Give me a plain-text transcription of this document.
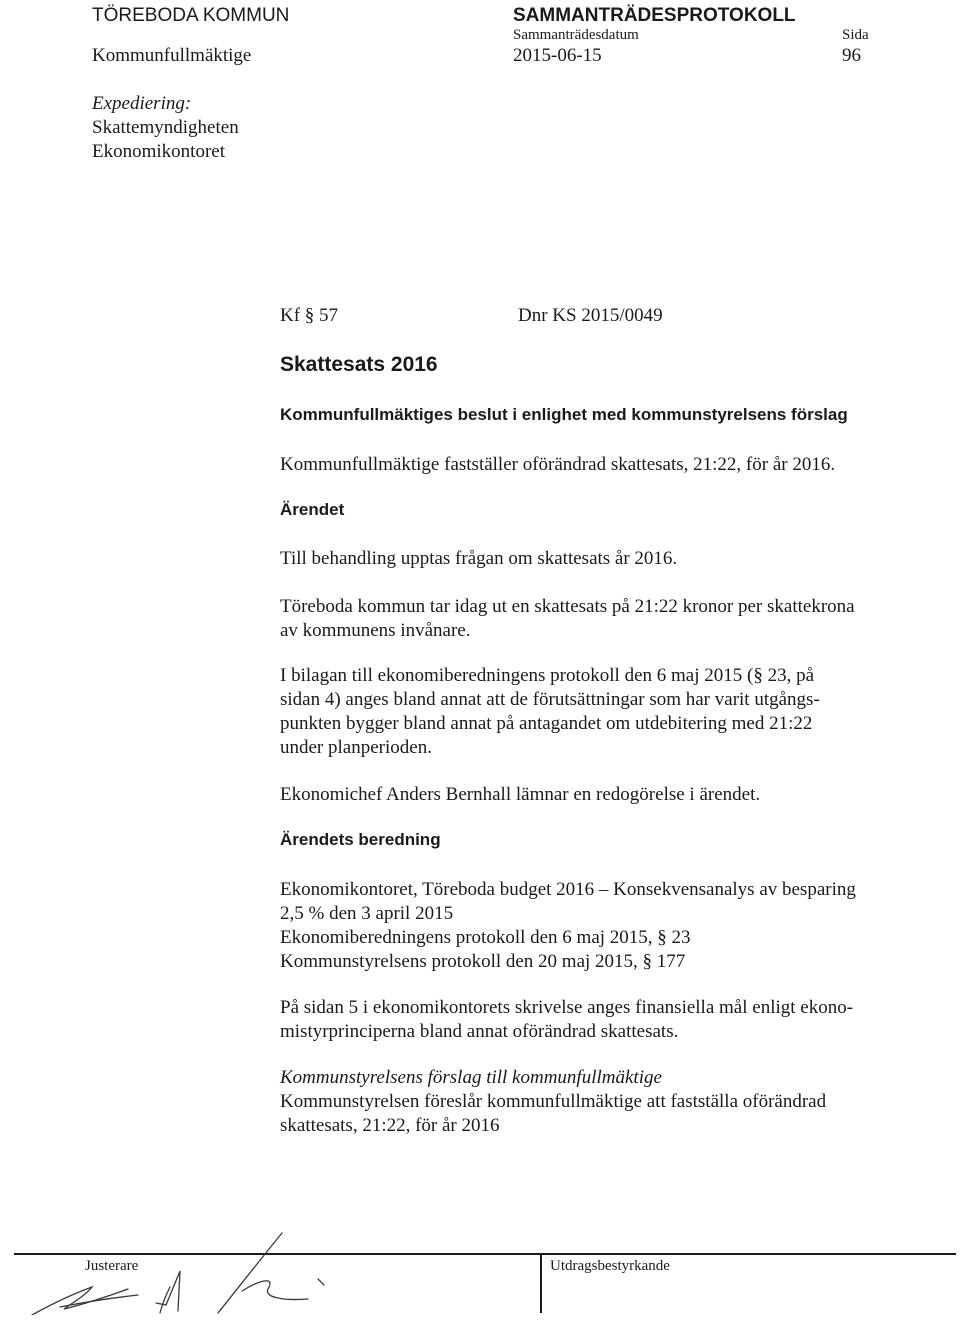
TÖREBODA KOMMUN
Kommunfullmäktige
SAMMANTRÄDESPROTOKOLL
Sammanträdesdatum
2015-06-15
Sida
96
Expediering:
Skattemyndigheten
Ekonomikontoret
Kf § 57	Dnr KS 2015/0049
Skattesats 2016
Kommunfullmäktiges beslut i enlighet med kommunstyrelsens förslag
Kommunfullmäktige fastställer oförändrad skattesats, 21:22, för år 2016.
Ärendet
Till behandling upptas frågan om skattesats år 2016.
Töreboda kommun tar idag ut en skattesats på 21:22 kronor per skattekrona
av kommunens invånare.
I bilagan till ekonomiberedningens protokoll den 6 maj 2015 (§ 23, på
sidan 4) anges bland annat att de förutsättningar som har varit utgångs-
punkten bygger bland annat på antagandet om utdebitering med 21:22
under planperioden.
Ekonomichef Anders Bernhall lämnar en redogörelse i ärendet.
Ärendets beredning
Ekonomikontoret, Töreboda budget 2016 – Konsekvensanalys av besparing
2,5 % den 3 april 2015
Ekonomiberedningens protokoll den 6 maj 2015, § 23
Kommunstyrelsens protokoll den 20 maj 2015, § 177
På sidan 5 i ekonomikontorets skrivelse anges finansiella mål enligt ekono-
mistyrprinciperna bland annat oförändrad skattesats.
Kommunstyrelsens förslag till kommunfullmäktige
Kommunstyrelsen föreslår kommunfullmäktige att fastställa oförändrad
skattesats, 21:22, för år 2016
Justerare	Utdragsbestyrkande
